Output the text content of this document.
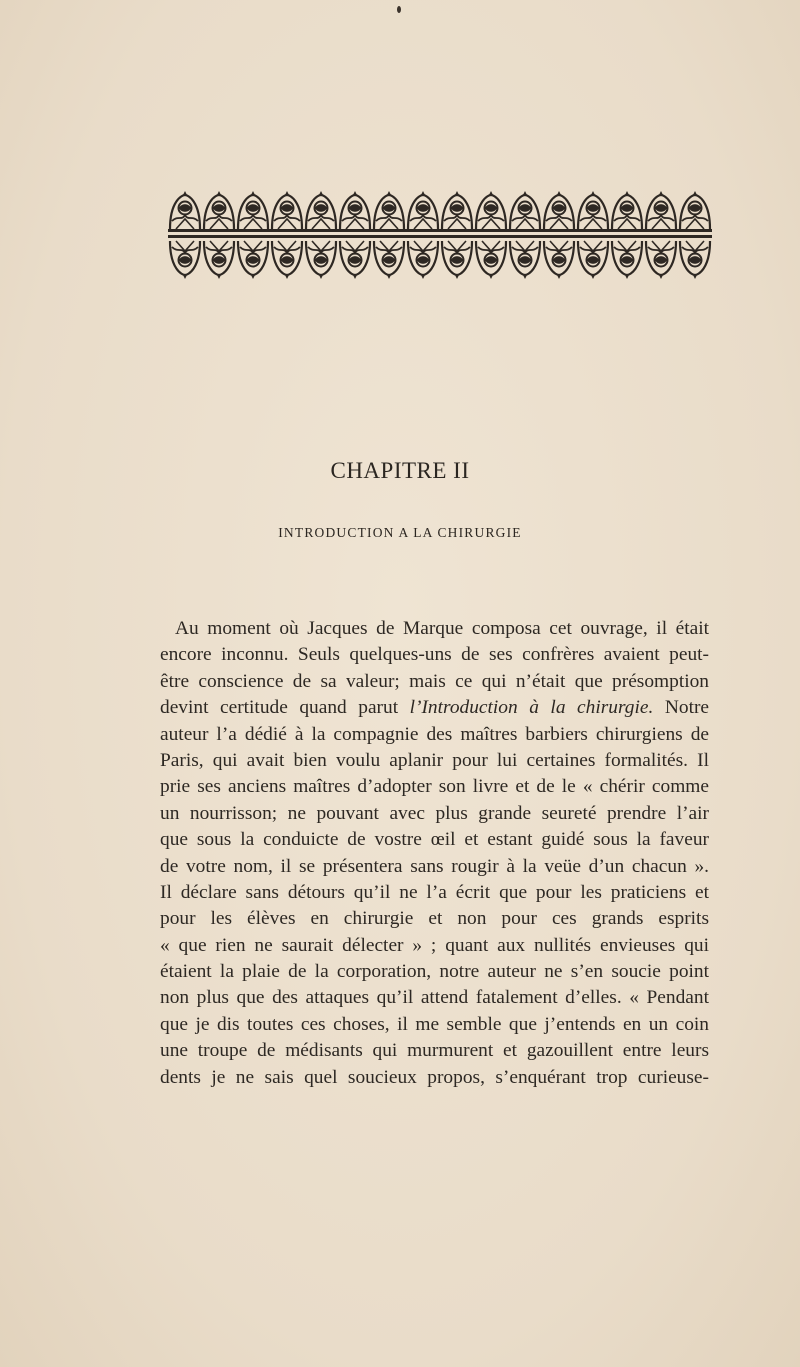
CHAPITRE II
INTRODUCTION A LA CHIRURGIE
Au moment où Jacques de Marque composa cet ouvrage, il était
encore inconnu. Seuls quelques-uns de ses confrères avaient peut-
être conscience de sa valeur; mais ce qui n’était que présomption
devint certitude quand parut l’Introduction à la chirurgie. Notre
auteur l’a dédié à la compagnie des maîtres barbiers chirurgiens de
Paris, qui avait bien voulu aplanir pour lui certaines formalités. Il
prie ses anciens maîtres d’adopter son livre et de le « chérir comme
un nourrisson; ne pouvant avec plus grande seureté prendre l’air
que sous la conduicte de vostre œil et estant guidé sous la faveur
de votre nom, il se présentera sans rougir à la veüe d’un chacun ».
Il déclare sans détours qu’il ne l’a écrit que pour les praticiens et
pour les élèves en chirurgie et non pour ces grands esprits
« que rien ne saurait délecter » ; quant aux nullités envieuses qui
étaient la plaie de la corporation, notre auteur ne s’en soucie point
non plus que des attaques qu’il attend fatalement d’elles. « Pendant
que je dis toutes ces choses, il me semble que j’entends en un coin
une troupe de médisants qui murmurent et gazouillent entre leurs
dents je ne sais quel soucieux propos, s’enquérant trop curieuse-
